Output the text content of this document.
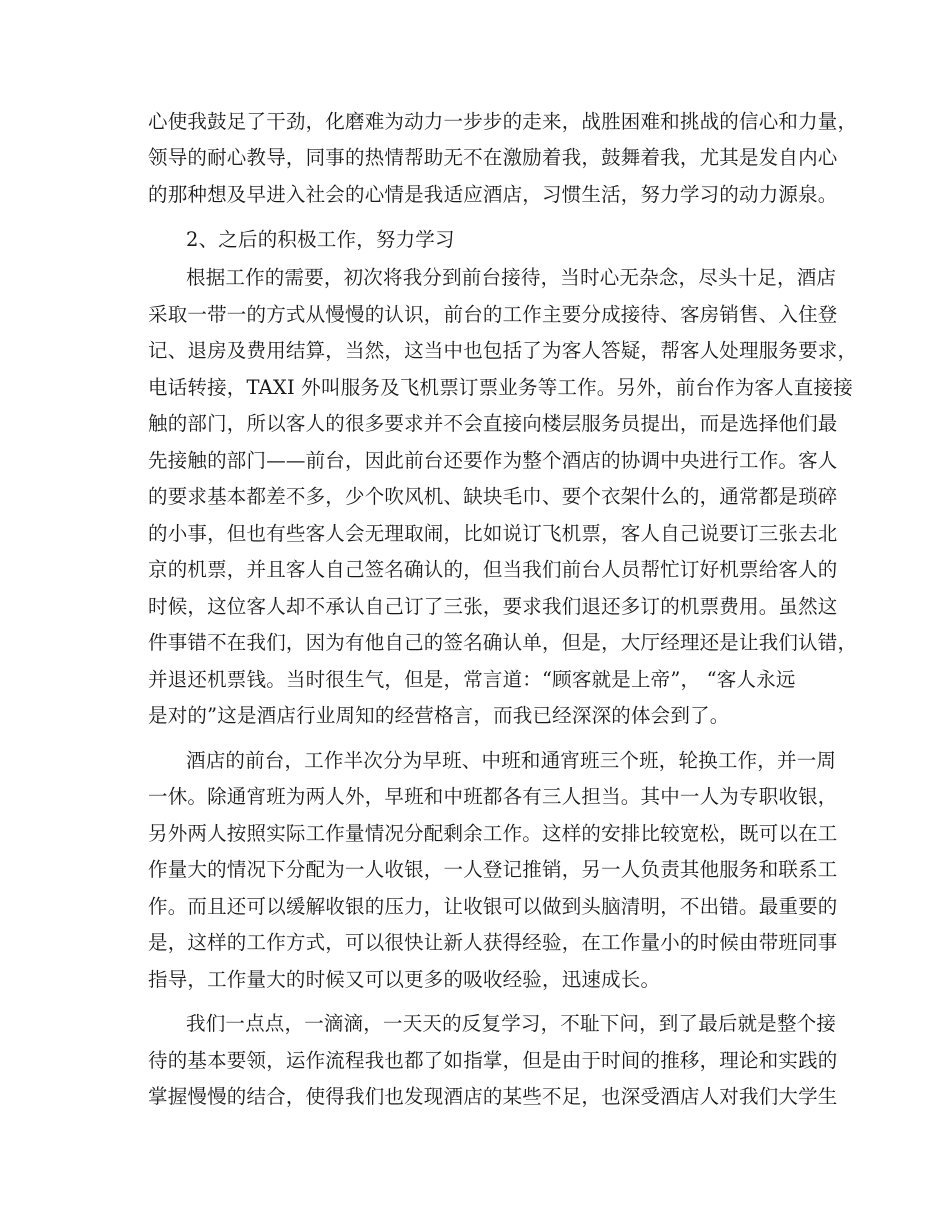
心使我鼓足了干劲，化磨难为动力一步步的走来，战胜困难和挑战的信心和力量，
领导的耐心教导，同事的热情帮助无不在激励着我，鼓舞着我，尤其是发自内心
的那种想及早进入社会的心情是我适应酒店，习惯生活，努力学习的动力源泉。
2、之后的积极工作，努力学习
根据工作的需要，初次将我分到前台接待，当时心无杂念，尽头十足，酒店
采取一带一的方式从慢慢的认识，前台的工作主要分成接待、客房销售、入住登
记、退房及费用结算，当然，这当中也包括了为客人答疑，帮客人处理服务要求，
电话转接，TAXI 外叫服务及飞机票订票业务等工作。另外，前台作为客人直接接
触的部门，所以客人的很多要求并不会直接向楼层服务员提出，而是选择他们最
先接触的部门——前台，因此前台还要作为整个酒店的协调中央进行工作。客人
的要求基本都差不多，少个吹风机、缺块毛巾、要个衣架什么的，通常都是琐碎
的小事，但也有些客人会无理取闹，比如说订飞机票，客人自己说要订三张去北
京的机票，并且客人自己签名确认的，但当我们前台人员帮忙订好机票给客人的
时候，这位客人却不承认自己订了三张，要求我们退还多订的机票费用。虽然这
件事错不在我们，因为有他自己的签名确认单，但是，大厅经理还是让我们认错，
并退还机票钱。当时很生气，但是，常言道：“顾客就是上帝”， “客人永远
是对的”这是酒店行业周知的经营格言，而我已经深深的体会到了。
酒店的前台，工作半次分为早班、中班和通宵班三个班，轮换工作，并一周
一休。除通宵班为两人外，早班和中班都各有三人担当。其中一人为专职收银，
另外两人按照实际工作量情况分配剩余工作。这样的安排比较宽松，既可以在工
作量大的情况下分配为一人收银，一人登记推销，另一人负责其他服务和联系工
作。而且还可以缓解收银的压力，让收银可以做到头脑清明，不出错。最重要的
是，这样的工作方式，可以很快让新人获得经验，在工作量小的时候由带班同事
指导，工作量大的时候又可以更多的吸收经验，迅速成长。
我们一点点，一滴滴，一天天的反复学习，不耻下问，到了最后就是整个接
待的基本要领，运作流程我也都了如指掌，但是由于时间的推移，理论和实践的
掌握慢慢的结合，使得我们也发现酒店的某些不足，也深受酒店人对我们大学生
